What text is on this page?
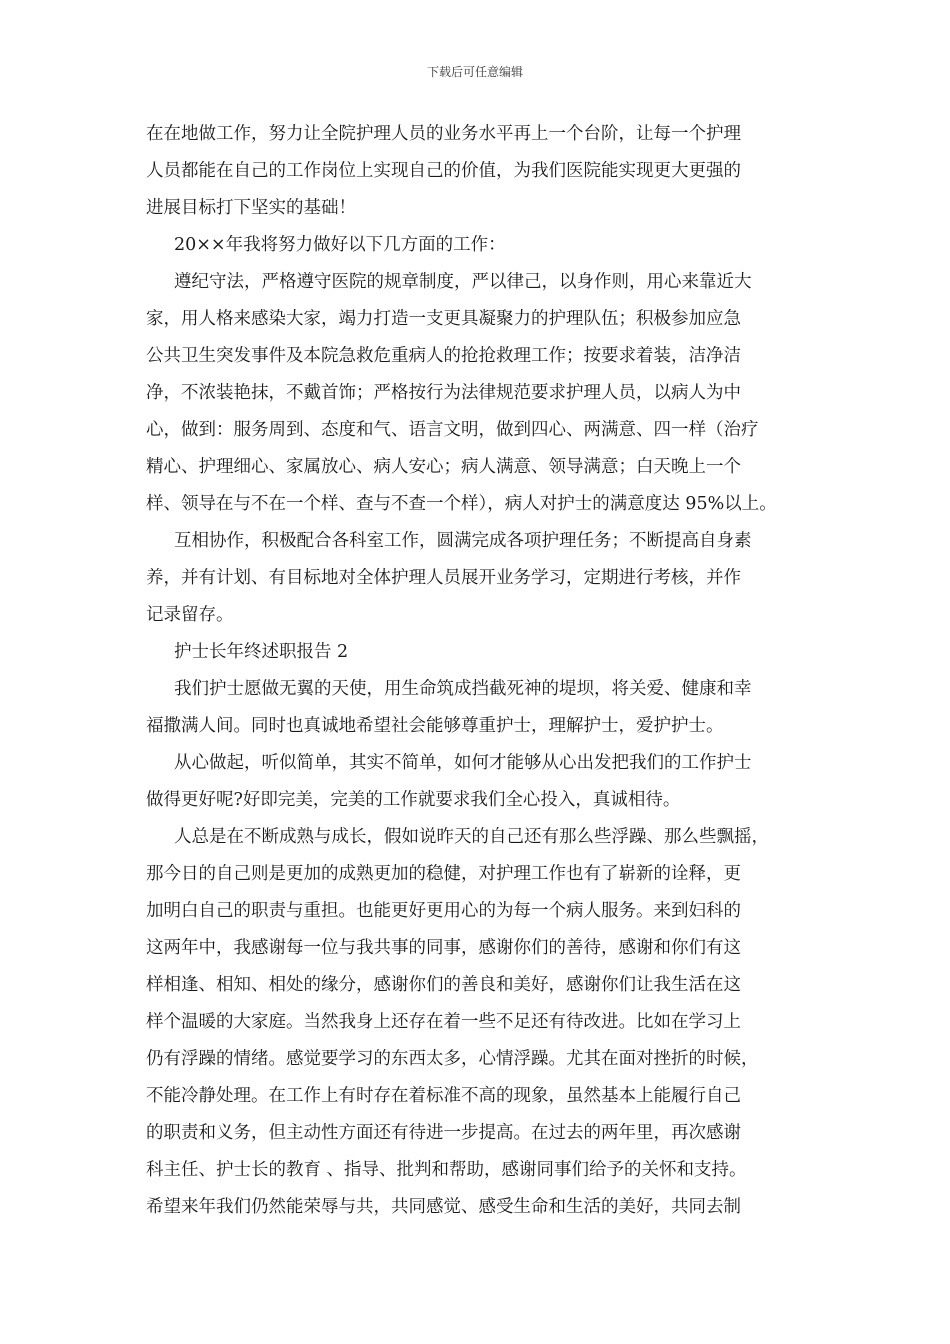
下载后可任意编辑
在在地做工作，努力让全院护理人员的业务水平再上一个台阶，让每一个护理
人员都能在自己的工作岗位上实现自己的价值，为我们医院能实现更大更强的
进展目标打下坚实的基础！
20××年我将努力做好以下几方面的工作：
遵纪守法，严格遵守医院的规章制度，严以律己，以身作则，用心来靠近大
家，用人格来感染大家，竭力打造一支更具凝聚力的护理队伍；积极参加应急
公共卫生突发事件及本院急救危重病人的抢抢救理工作；按要求着装，洁净洁
净，不浓装艳抹，不戴首饰；严格按行为法律规范要求护理人员，以病人为中
心，做到：服务周到、态度和气、语言文明，做到四心、两满意、四一样（治疗
精心、护理细心、家属放心、病人安心；病人满意、领导满意；白天晚上一个
样、领导在与不在一个样、查与不查一个样），病人对护士的满意度达 95%以上。
互相协作，积极配合各科室工作，圆满完成各项护理任务；不断提高自身素
养，并有计划、有目标地对全体护理人员展开业务学习，定期进行考核，并作
记录留存。
护士长年终述职报告 2
我们护士愿做无翼的天使，用生命筑成挡截死神的堤坝，将关爱、健康和幸
福撒满人间。同时也真诚地希望社会能够尊重护士，理解护士，爱护护士。
从心做起，听似简单，其实不简单，如何才能够从心出发把我们的工作护士
做得更好呢?好即完美，完美的工作就要求我们全心投入，真诚相待。
人总是在不断成熟与成长，假如说昨天的自己还有那么些浮躁、那么些飘摇，
那今日的自己则是更加的成熟更加的稳健，对护理工作也有了崭新的诠释，更
加明白自己的职责与重担。也能更好更用心的为每一个病人服务。来到妇科的
这两年中，我感谢每一位与我共事的同事，感谢你们的善待，感谢和你们有这
样相逢、相知、相处的缘分，感谢你们的善良和美好，感谢你们让我生活在这
样个温暖的大家庭。当然我身上还存在着一些不足还有待改进。比如在学习上
仍有浮躁的情绪。感觉要学习的东西太多，心情浮躁。尤其在面对挫折的时候，
不能冷静处理。在工作上有时存在着标准不高的现象，虽然基本上能履行自己
的职责和义务，但主动性方面还有待进一步提高。在过去的两年里，再次感谢
科主任、护士长的教育 、指导、批判和帮助，感谢同事们给予的关怀和支持。
希望来年我们仍然能荣辱与共，共同感觉、感受生命和生活的美好，共同去制
